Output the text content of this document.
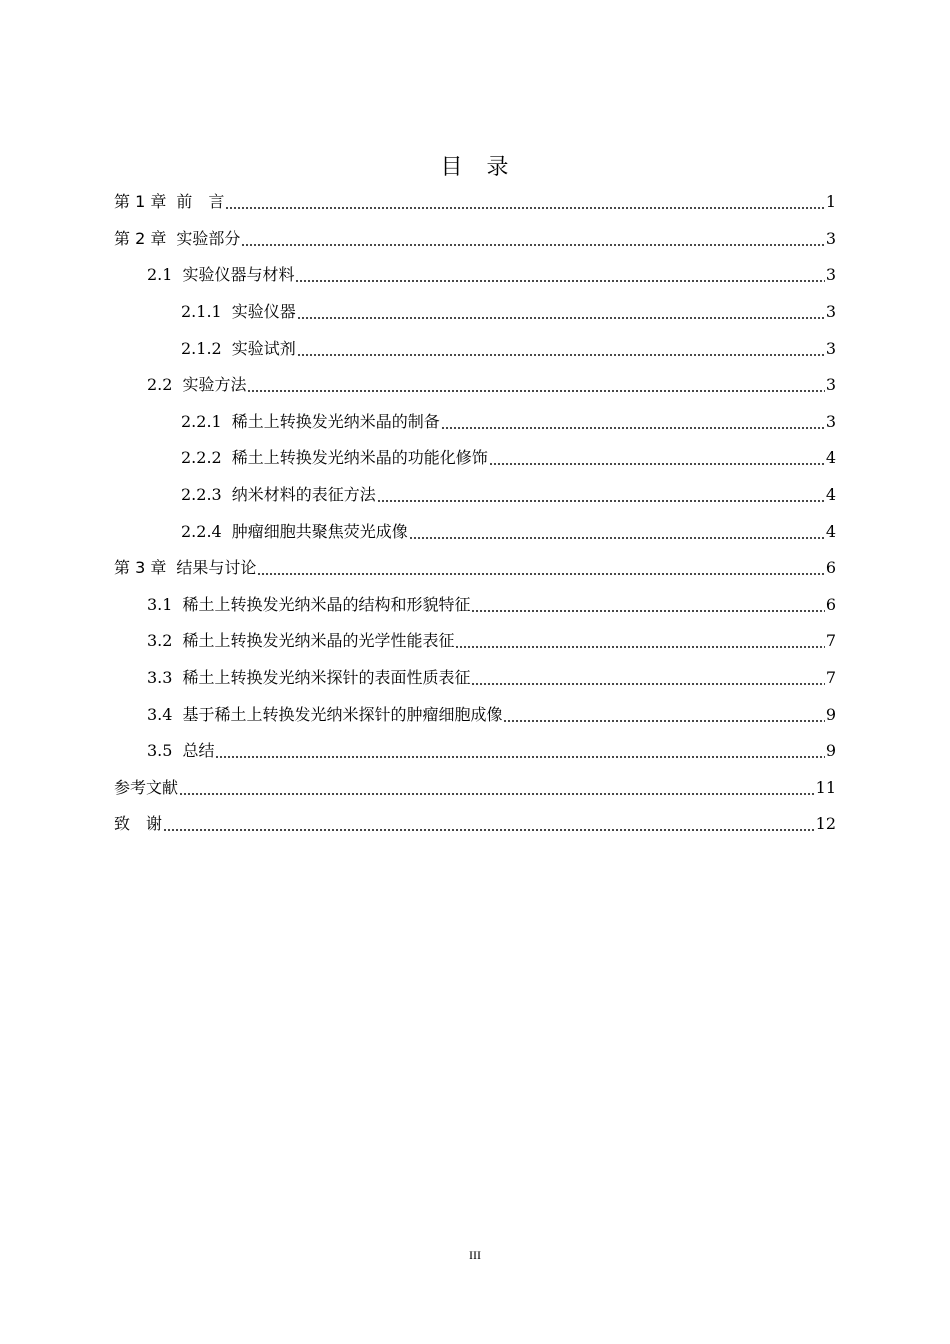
目　录
第 1 章 前　言	1
第 2 章 实验部分	3
2.1 实验仪器与材料	3
2.1.1 实验仪器	3
2.1.2 实验试剂	3
2.2 实验方法	3
2.2.1 稀土上转换发光纳米晶的制备	3
2.2.2 稀土上转换发光纳米晶的功能化修饰	4
2.2.3 纳米材料的表征方法	4
2.2.4 肿瘤细胞共聚焦荧光成像	4
第 3 章 结果与讨论	6
3.1 稀土上转换发光纳米晶的结构和形貌特征	6
3.2 稀土上转换发光纳米晶的光学性能表征	7
3.3 稀土上转换发光纳米探针的表面性质表征	7
3.4 基于稀土上转换发光纳米探针的肿瘤细胞成像	9
3.5 总结	9
参考文献	11
致　谢	12
III
